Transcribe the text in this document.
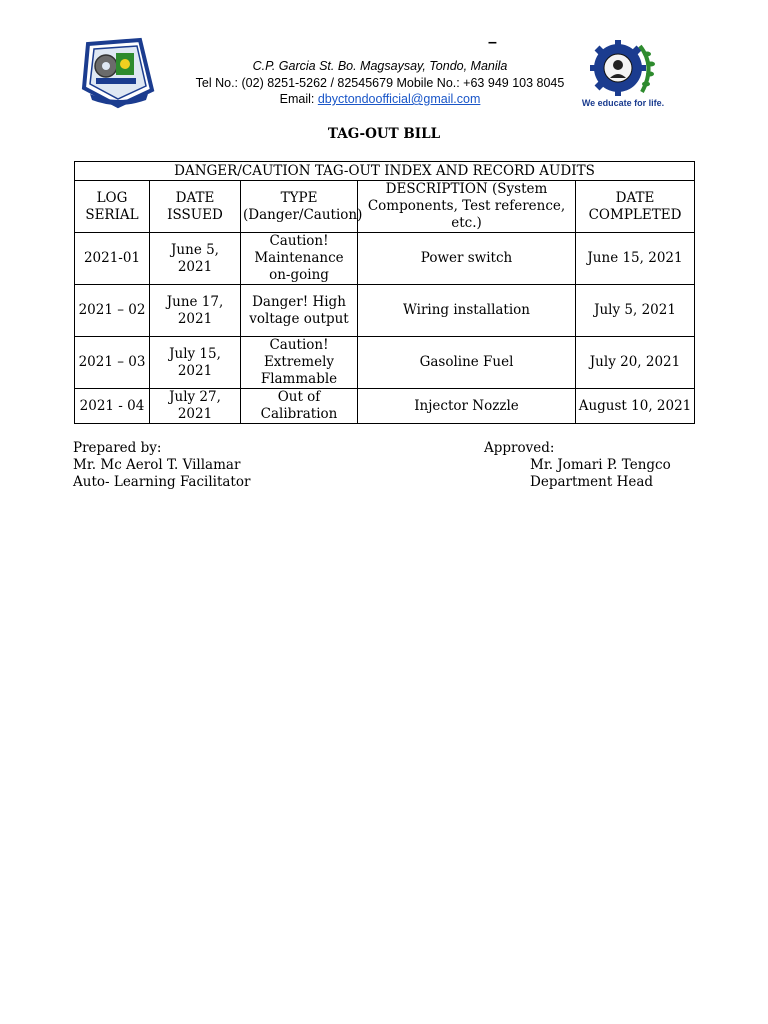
–
C.P. Garcia St. Bo. Magsaysay, Tondo, Manila
Tel No.: (02) 8251-5262 / 82545679 Mobile No.: +63 949 103 8045
Email: dbyctondoofficial@gmail.com	We educate for life.
TAG-OUT BILL
DANGER/CAUTION TAG-OUT INDEX AND RECORD AUDITS				
LOG SERIAL	DATE ISSUED	TYPE (Danger/Caution)	DESCRIPTION (System Components, Test reference, etc.)	DATE COMPLETED
2021-01	June 5, 2021	Caution! Maintenance on-going	Power switch	June 15, 2021
2021 – 02	June 17, 2021	Danger! High voltage output	Wiring installation	July 5, 2021
2021 – 03	July 15, 2021	Caution! Extremely Flammable	Gasoline Fuel	July 20, 2021
2021 - 04	July 27, 2021	Out of Calibration	Injector Nozzle	August 10, 2021
Prepared by:
Mr. Mc Aerol T. Villamar
Auto- Learning Facilitator
Approved:
Mr. Jomari P. Tengco
Department Head
